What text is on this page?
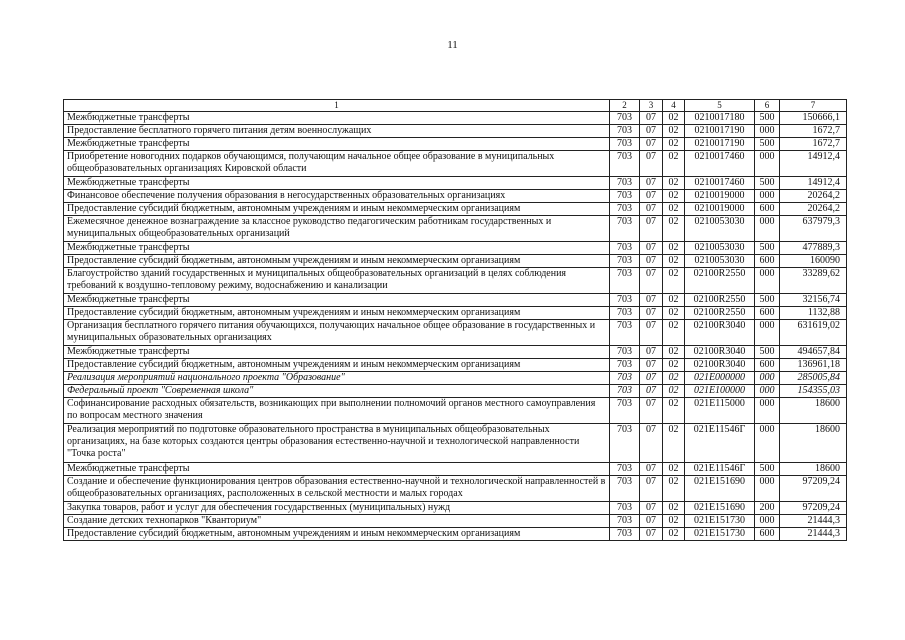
11
1	2	3	4	5	6	7
Межбюджетные трансферты	703	07	02	0210017180	500	150666,1
Предоставление бесплатного горячего питания детям военнослужащих	703	07	02	0210017190	000	1672,7
Межбюджетные трансферты	703	07	02	0210017190	500	1672,7
Приобретение новогодних подарков обучающимся, получающим начальное общее образование в муниципальных общеобразовательных организациях Кировской области	703	07	02	0210017460	000	14912,4
Межбюджетные трансферты	703	07	02	0210017460	500	14912,4
Финансовое обеспечение получения образования в негосударственных образовательных организациях	703	07	02	0210019000	000	20264,2
Предоставление субсидий бюджетным, автономным учреждениям и иным некоммерческим организациям	703	07	02	0210019000	600	20264,2
Ежемесячное денежное вознаграждение за классное руководство педагогическим работникам государственных и муниципальных общеобразовательных организаций	703	07	02	0210053030	000	637979,3
Межбюджетные трансферты	703	07	02	0210053030	500	477889,3
Предоставление субсидий бюджетным, автономным учреждениям и иным некоммерческим организациям	703	07	02	0210053030	600	160090
Благоустройство зданий государственных и муниципальных общеобразовательных организаций в целях соблюдения требований к воздушно-тепловому режиму, водоснабжению и канализации	703	07	02	02100R2550	000	33289,62
Межбюджетные трансферты	703	07	02	02100R2550	500	32156,74
Предоставление субсидий бюджетным, автономным учреждениям и иным некоммерческим организациям	703	07	02	02100R2550	600	1132,88
Организация бесплатного горячего питания обучающихся, получающих начальное общее образование в государственных и муниципальных образовательных организациях	703	07	02	02100R3040	000	631619,02
Межбюджетные трансферты	703	07	02	02100R3040	500	494657,84
Предоставление субсидий бюджетным, автономным учреждениям и иным некоммерческим организациям	703	07	02	02100R3040	600	136961,18
Реализация мероприятий национального проекта "Образование"	703	07	02	021E000000	000	285005,84
Федеральный проект "Современная школа"	703	07	02	021E100000	000	154355,03
Софинансирование расходных обязательств, возникающих при выполнении полномочий органов местного самоуправления по вопросам местного значения	703	07	02	021E115000	000	18600
Реализация мероприятий по подготовке образовательного пространства в муниципальных общеобразовательных организациях, на базе которых создаются центры образования естественно-научной и технологической направленности "Точка роста"	703	07	02	021E11546Г	000	18600
Межбюджетные трансферты	703	07	02	021E11546Г	500	18600
Создание и обеспечение функционирования центров образования естественно-научной и технологической направленностей в общеобразовательных организациях, расположенных в сельской местности и малых городах	703	07	02	021E151690	000	97209,24
Закупка товаров, работ и услуг для обеспечения государственных (муниципальных) нужд	703	07	02	021E151690	200	97209,24
Создание детских технопарков "Кванториум"	703	07	02	021E151730	000	21444,3
Предоставление субсидий бюджетным, автономным учреждениям и иным некоммерческим организациям	703	07	02	021E151730	600	21444,3
